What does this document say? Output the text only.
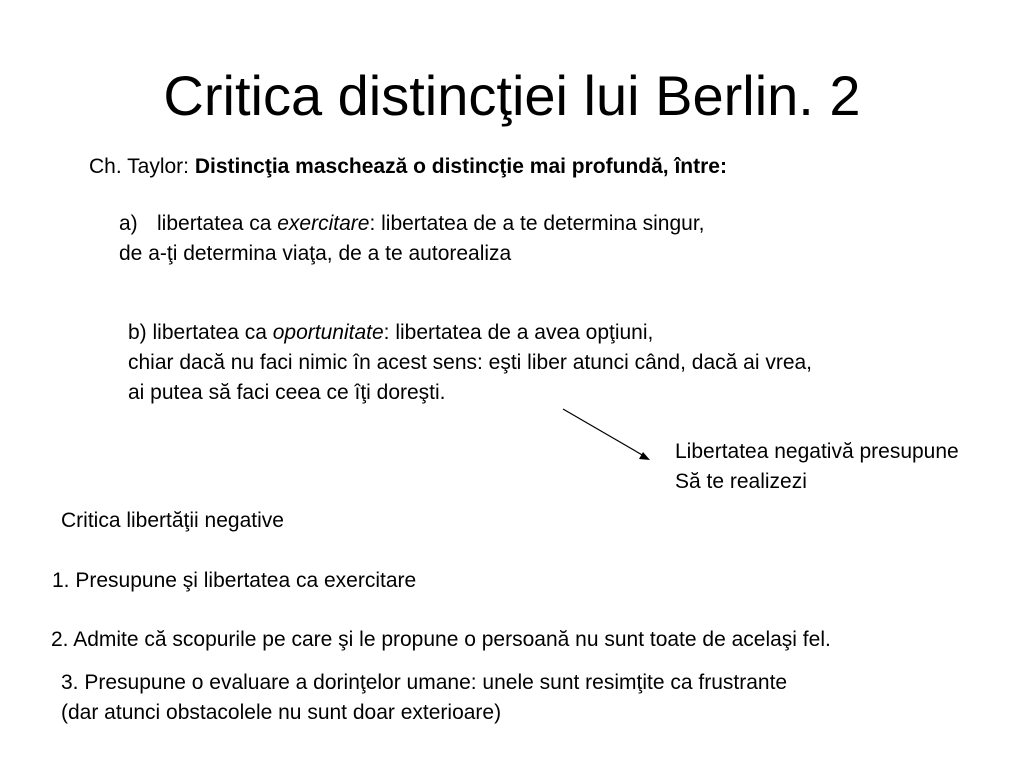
Critica distincţiei lui Berlin. 2

Ch. Taylor: Distincţia maschează o distincţie mai profundă, între:

a) libertatea ca exercitare: libertatea de a te determina singur,
de a-ţi determina viaţa, de a te autorealiza
b) libertatea ca oportunitate: libertatea de a avea opţiuni,
chiar dacă nu faci nimic în acest sens: eşti liber atunci când, dacă ai vrea,
ai putea să faci ceea ce îţi doreşti.
Libertatea negativă presupune
Să te realizezi

Critica libertăţii negative

1. Presupune şi libertatea ca exercitare

2. Admite că scopurile pe care şi le propune o persoană nu sunt toate de acelaşi fel.

3. Presupune o evaluare a dorinţelor umane: unele sunt resimţite ca frustrante
(dar atunci obstacolele nu sunt doar exterioare)
